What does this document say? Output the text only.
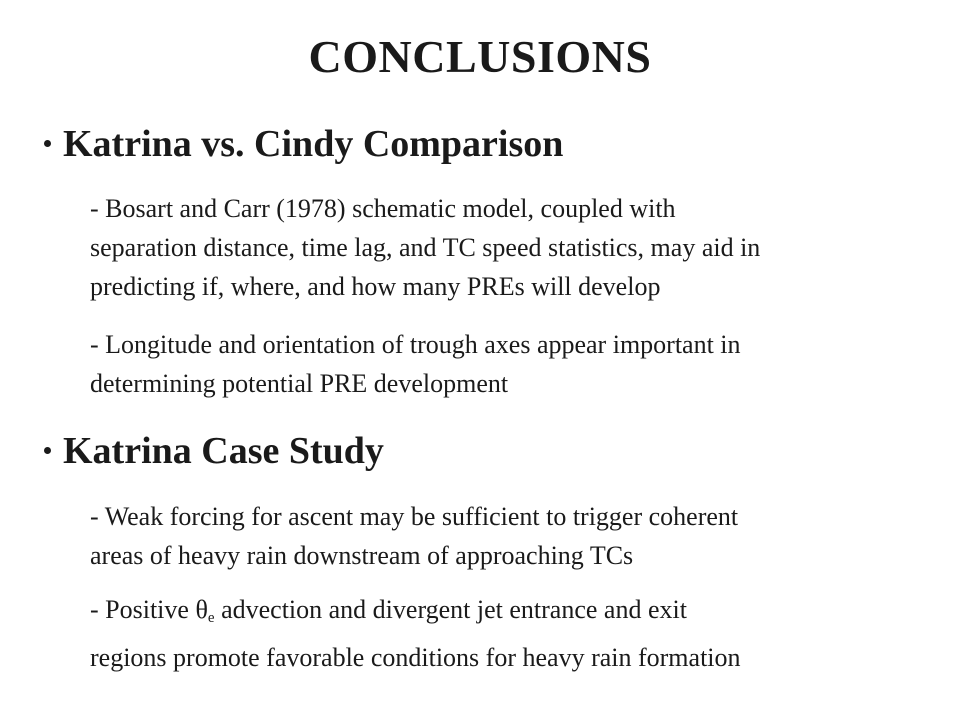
CONCLUSIONS
Katrina vs. Cindy Comparison
- Bosart and Carr (1978) schematic model, coupled with
separation distance, time lag, and TC speed statistics, may aid in
predicting if, where, and how many PREs will develop
- Longitude and orientation of trough axes appear important in
determining potential PRE development
Katrina Case Study
- Weak forcing for ascent may be sufficient to trigger coherent
areas of heavy rain downstream of approaching TCs
- Positive $\theta_e$ advection and divergent jet entrance and exit
regions promote favorable conditions for heavy rain formation
